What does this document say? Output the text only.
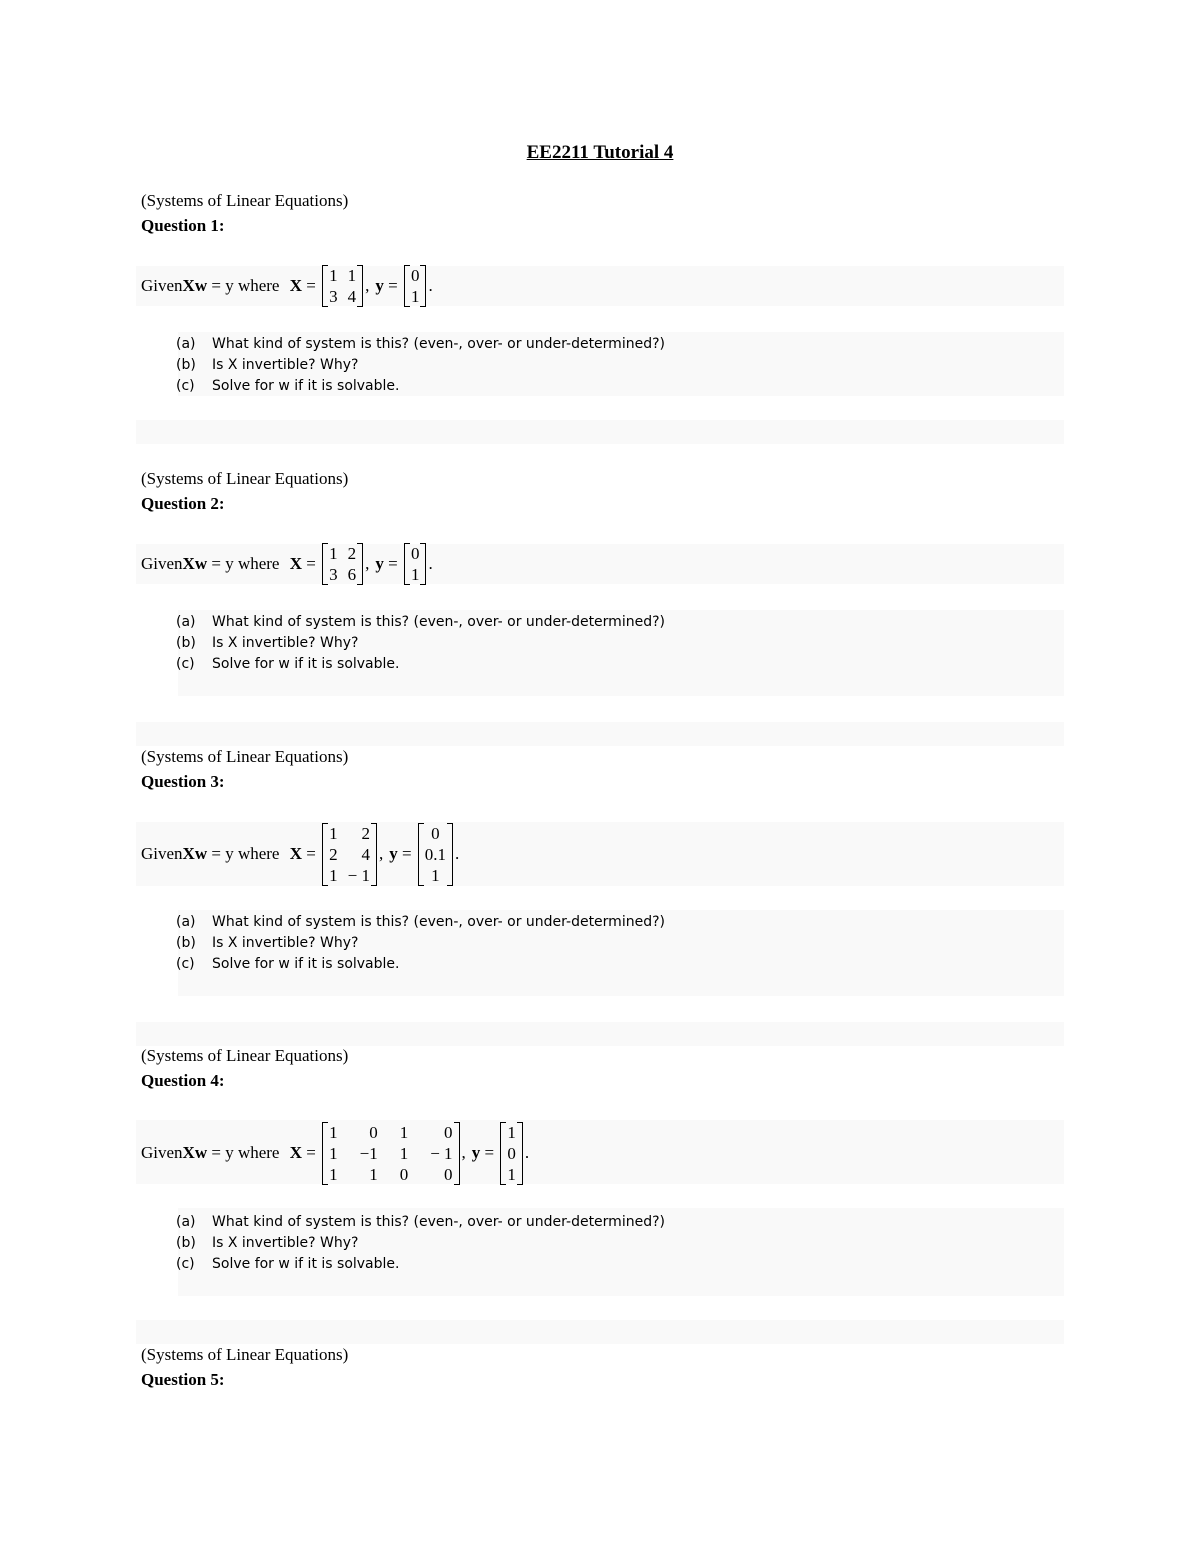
EE2211 Tutorial 4
(Systems of Linear Equations)
Question 1:
Given X w = y where X =
1 1
3 4
, y =
0
1
.
(a)	What kind of system is this? (even-, over- or under-determined?)
(b)	Is X invertible? Why?
(c)	Solve for w if it is solvable.
(Systems of Linear Equations)
Question 2:
Given X w = y where X =
1 2
3 6
, y =
0
1
.
(a)	What kind of system is this? (even-, over- or under-determined?)
(b)	Is X invertible? Why?
(c)	Solve for w if it is solvable.
(Systems of Linear Equations)
Question 3:
Given X w = y where X =
1	2
2	4
1 − 1
, y =
0
0.1
1
.
(a)	What kind of system is this? (even-, over- or under-determined?)
(b)	Is X invertible? Why?
(c)	Solve for w if it is solvable.
(Systems of Linear Equations)
Question 4:
Given X w = y where X =
1	0 1	0
1 −1 1 − 1
1	1 0	0
, y =
1
0
1
.
(a)	What kind of system is this? (even-, over- or under-determined?)
(b)	Is X invertible? Why?
(c)	Solve for w if it is solvable.
(Systems of Linear Equations)
Question 5:
